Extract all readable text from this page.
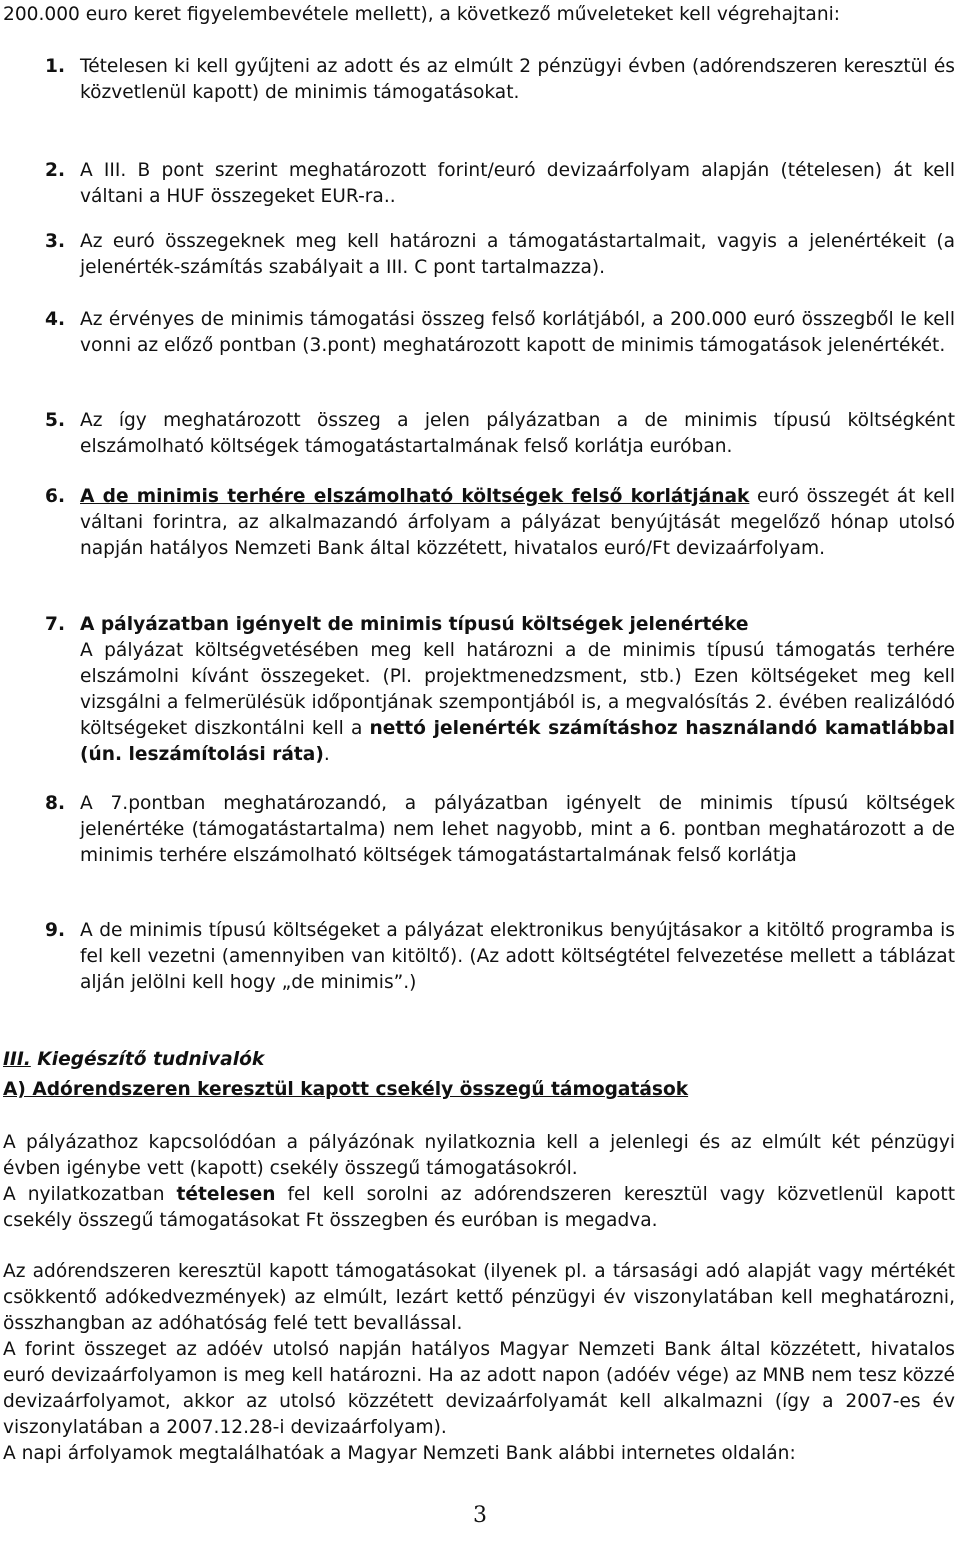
200.000 euro keret figyelembevétele mellett), a következő műveleteket kell végrehajtani:
1. Tételesen ki kell gyűjteni az adott és az elmúlt 2 pénzügyi évben (adórendszeren keresztül és közvetlenül kapott) de minimis támogatásokat.
2. A III. B pont szerint meghatározott forint/euró devizaárfolyam alapján (tételesen) át kell váltani a HUF összegeket EUR-ra..
3. Az euró összegeknek meg kell határozni a támogatástartalmait, vagyis a jelenértékeit (a jelenérték-számítás szabályait a III. C pont tartalmazza).
4. Az érvényes de minimis támogatási összeg felső korlátjából, a 200.000 euró összegből le kell vonni az előző pontban (3.pont) meghatározott kapott de minimis támogatások jelenértékét.
5. Az így meghatározott összeg a jelen pályázatban a de minimis típusú költségként elszámolható költségek támogatástartalmának felső korlátja euróban.
6. A de minimis terhére elszámolható költségek felső korlátjának euró összegét át kell váltani forintra, az alkalmazandó árfolyam a pályázat benyújtását megelőző hónap utolsó napján hatályos Nemzeti Bank által közzétett, hivatalos euró/Ft devizaárfolyam.
7. A pályázatban igényelt de minimis típusú költségek jelenértéke
A pályázat költségvetésében meg kell határozni a de minimis típusú támogatás terhére elszámolni kívánt összegeket. (Pl. projektmenedzsment, stb.) Ezen költségeket meg kell vizsgálni a felmerülésük időpontjának szempontjából is, a megvalósítás 2. évében realizálódó költségeket diszkontálni kell a nettó jelenérték számításhoz használandó kamatlábbal (ún. leszámítolási ráta).
8. A 7.pontban meghatározandó, a pályázatban igényelt de minimis típusú költségek jelenértéke (támogatástartalma) nem lehet nagyobb, mint a 6. pontban meghatározott a de minimis terhére elszámolható költségek támogatástartalmának felső korlátja
9. A de minimis típusú költségeket a pályázat elektronikus benyújtásakor a kitöltő programba is fel kell vezetni (amennyiben van kitöltő). (Az adott költségtétel felvezetése mellett a táblázat alján jelölni kell hogy „de minimis”.)
III. Kiegészítő tudnivalók
A) Adórendszeren keresztül kapott csekély összegű támogatások

A pályázathoz kapcsolódóan a pályázónak nyilatkoznia kell a jelenlegi és az elmúlt két pénzügyi évben igénybe vett (kapott) csekély összegű támogatásokról.

A nyilatkozatban tételesen fel kell sorolni az adórendszeren keresztül vagy közvetlenül kapott csekély összegű támogatásokat Ft összegben és euróban is megadva.

Az adórendszeren keresztül kapott támogatásokat (ilyenek pl. a társasági adó alapját vagy mértékét csökkentő adókedvezmények) az elmúlt, lezárt kettő pénzügyi év viszonylatában kell meghatározni, összhangban az adóhatóság felé tett bevallással.

A forint összeget az adóév utolsó napján hatályos Magyar Nemzeti Bank által közzétett, hivatalos euró devizaárfolyamon is meg kell határozni. Ha az adott napon (adóév vége) az MNB nem tesz közzé devizaárfolyamot, akkor az utolsó közzétett devizaárfolyamát kell alkalmazni (így a 2007-es év viszonylatában a 2007.12.28-i devizaárfolyam).

A napi árfolyamok megtalálhatóak a Magyar Nemzeti Bank alábbi internetes oldalán:

3
